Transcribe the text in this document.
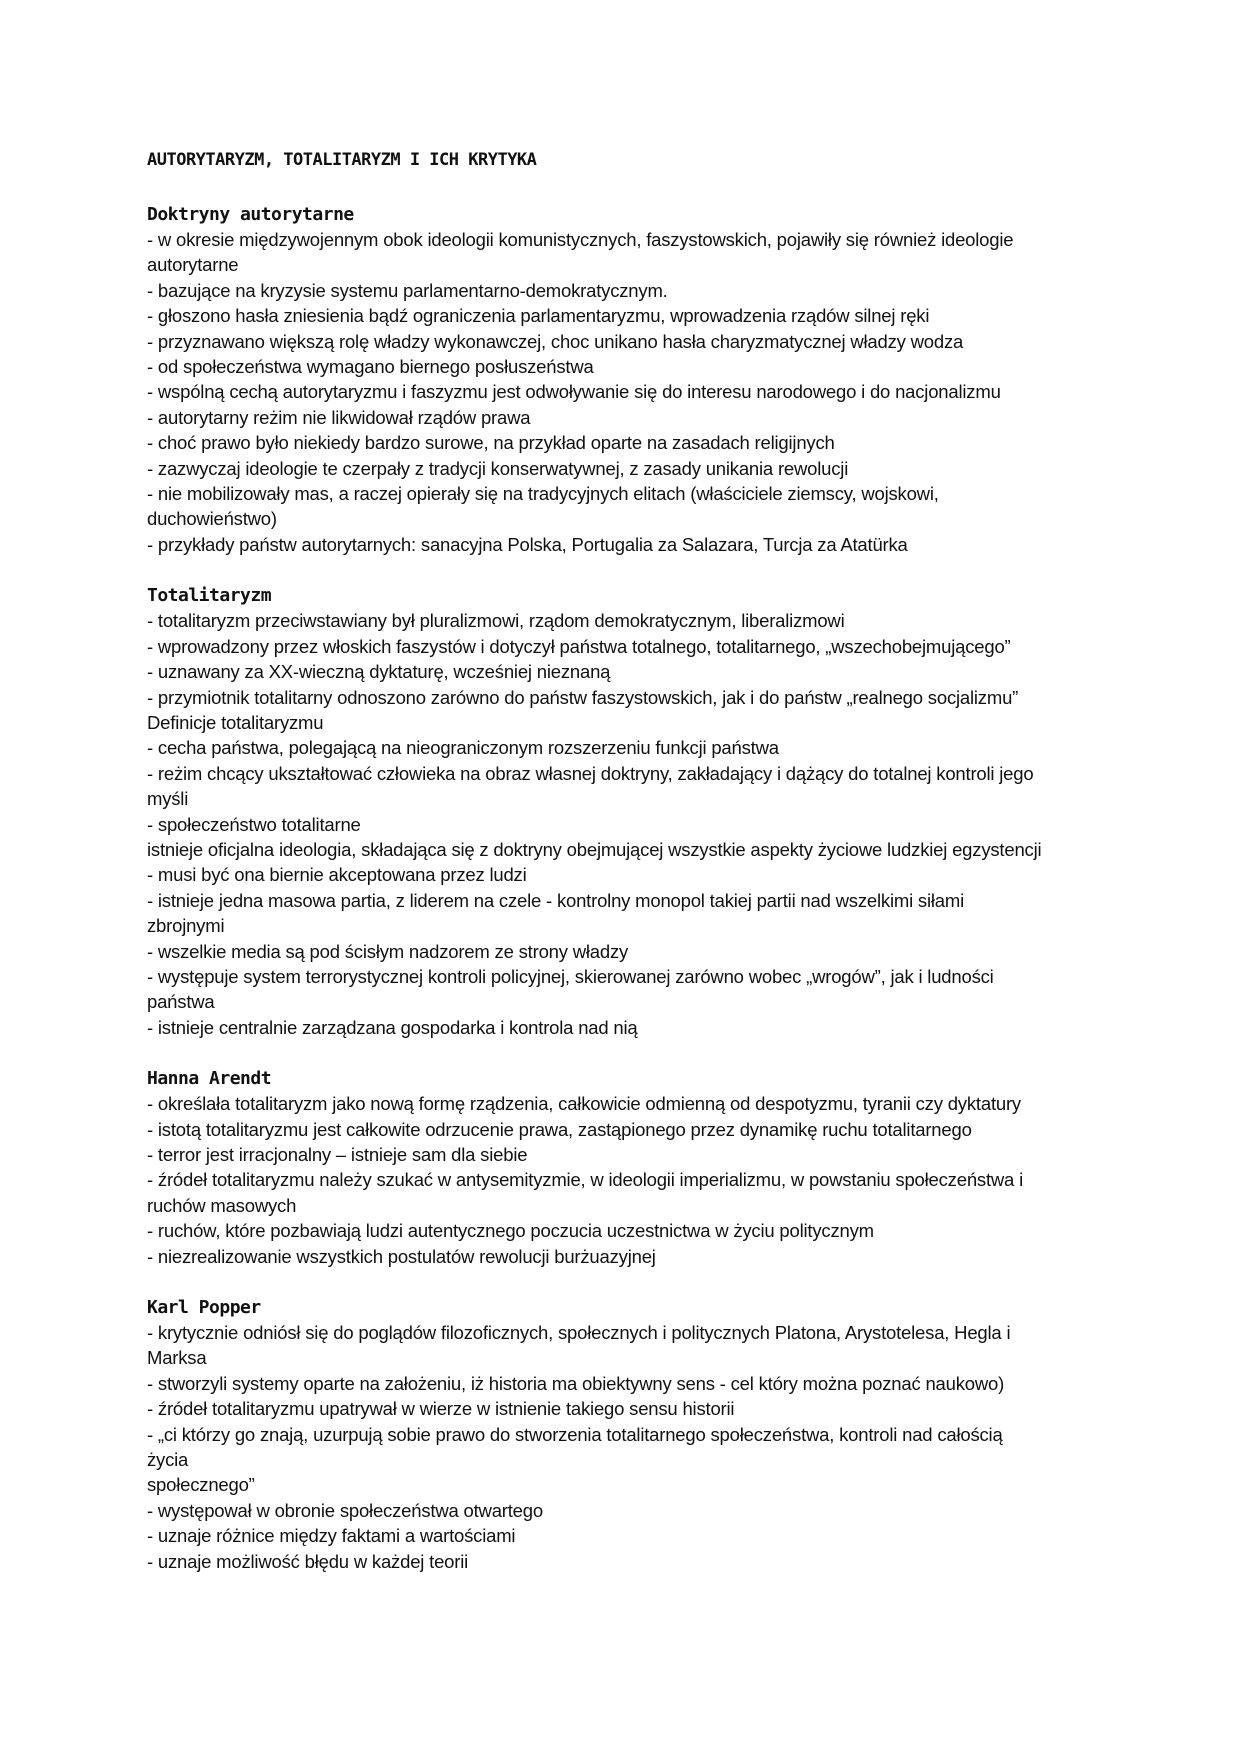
AUTORYTARYZM, TOTALITARYZM I ICH KRYTYKA
Doktryny autorytarne

- w okresie międzywojennym obok ideologii komunistycznych, faszystowskich, pojawiły się również ideologie

autorytarne

- bazujące na kryzysie systemu parlamentarno-demokratycznym.

- głoszono hasła zniesienia bądź ograniczenia parlamentaryzmu, wprowadzenia rządów silnej ręki

- przyznawano większą rolę władzy wykonawczej, choc unikano hasła charyzmatycznej władzy wodza

- od społeczeństwa wymagano biernego posłuszeństwa

- wspólną cechą autorytaryzmu i faszyzmu jest odwoływanie się do interesu narodowego i do nacjonalizmu

- autorytarny reżim nie likwidował rządów prawa

- choć prawo było niekiedy bardzo surowe, na przykład oparte na zasadach religijnych

- zazwyczaj ideologie te czerpały z tradycji konserwatywnej, z zasady unikania rewolucji

- nie mobilizowały mas, a raczej opierały się na tradycyjnych elitach (właściciele ziemscy, wojskowi,

duchowieństwo)

- przykłady państw autorytarnych: sanacyjna Polska, Portugalia za Salazara, Turcja za Atatürka

Totalitaryzm

- totalitaryzm przeciwstawiany był pluralizmowi, rządom demokratycznym, liberalizmowi

- wprowadzony przez włoskich faszystów i dotyczył państwa totalnego, totalitarnego, „wszechobejmującego”

- uznawany za XX-wieczną dyktaturę, wcześniej nieznaną

- przymiotnik totalitarny odnoszono zarówno do państw faszystowskich, jak i do państw „realnego socjalizmu”

Definicje totalitaryzmu

- cecha państwa, polegającą na nieograniczonym rozszerzeniu funkcji państwa

- reżim chcący ukształtować człowieka na obraz własnej doktryny, zakładający i dążący do totalnej kontroli jego

myśli

- społeczeństwo totalitarne

istnieje oficjalna ideologia, składająca się z doktryny obejmującej wszystkie aspekty życiowe ludzkiej egzystencji

- musi być ona biernie akceptowana przez ludzi

- istnieje jedna masowa partia, z liderem na czele - kontrolny monopol takiej partii nad wszelkimi siłami

zbrojnymi

- wszelkie media są pod ścisłym nadzorem ze strony władzy

- występuje system terrorystycznej kontroli policyjnej, skierowanej zarówno wobec „wrogów”, jak i ludności

państwa

- istnieje centralnie zarządzana gospodarka i kontrola nad nią

Hanna Arendt

- określała totalitaryzm jako nową formę rządzenia, całkowicie odmienną od despotyzmu, tyranii czy dyktatury

- istotą totalitaryzmu jest całkowite odrzucenie prawa, zastąpionego przez dynamikę ruchu totalitarnego

- terror jest irracjonalny – istnieje sam dla siebie

- źródeł totalitaryzmu należy szukać w antysemityzmie, w ideologii imperializmu, w powstaniu społeczeństwa i

ruchów masowych

- ruchów, które pozbawiają ludzi autentycznego poczucia uczestnictwa w życiu politycznym

- niezrealizowanie wszystkich postulatów rewolucji burżuazyjnej

Karl Popper

- krytycznie odniósł się do poglądów filozoficznych, społecznych i politycznych Platona, Arystotelesa, Hegla i

Marksa

- stworzyli systemy oparte na założeniu, iż historia ma obiektywny sens - cel który można poznać naukowo)

- źródeł totalitaryzmu upatrywał w wierze w istnienie takiego sensu historii

- „ci którzy go znają, uzurpują sobie prawo do stworzenia totalitarnego społeczeństwa, kontroli nad całością

życia

społecznego”

- występował w obronie społeczeństwa otwartego

- uznaje różnice między faktami a wartościami

- uznaje możliwość błędu w każdej teorii
